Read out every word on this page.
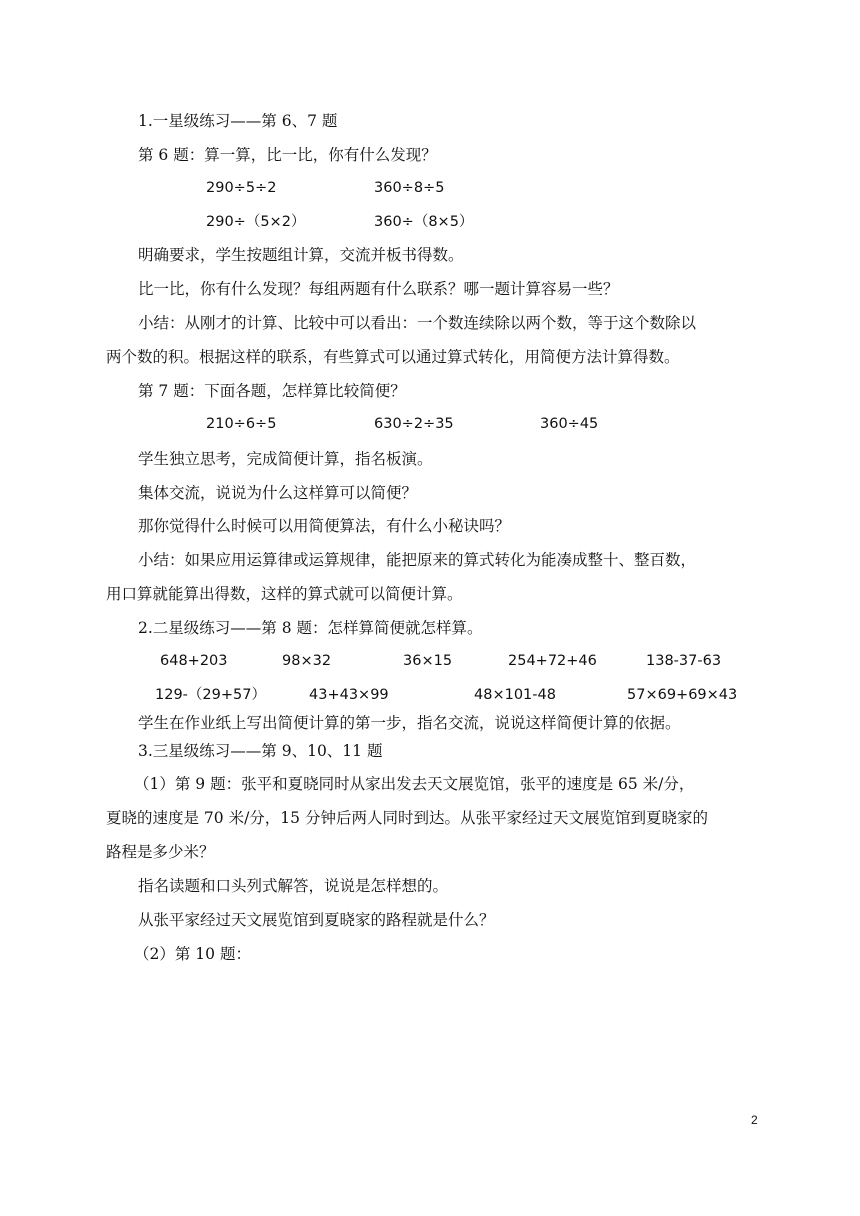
1.一星级练习——第 6、7 题
第 6 题：算一算，比一比，你有什么发现？
290÷5÷2	360÷8÷5
290÷（5×2）	360÷（8×5）
明确要求，学生按题组计算，交流并板书得数。
比一比，你有什么发现？每组两题有什么联系？哪一题计算容易一些？
小结：从刚才的计算、比较中可以看出：一个数连续除以两个数，等于这个数除以
两个数的积。根据这样的联系，有些算式可以通过算式转化，用简便方法计算得数。
第 7 题：下面各题，怎样算比较简便？
210÷6÷5	630÷2÷35	360÷45
学生独立思考，完成简便计算，指名板演。
集体交流，说说为什么这样算可以简便？
那你觉得什么时候可以用简便算法，有什么小秘诀吗？
小结：如果应用运算律或运算规律，能把原来的算式转化为能凑成整十、整百数，
用口算就能算出得数，这样的算式就可以简便计算。
2.二星级练习——第 8 题：怎样算简便就怎样算。
648+203	98×32	36×15	254+72+46	138-37-63
129-（29+57）	43+43×99	48×101-48	57×69+69×43
学生在作业纸上写出简便计算的第一步，指名交流，说说这样简便计算的依据。
3.三星级练习——第 9、10、11 题
（1）第 9 题：张平和夏晓同时从家出发去天文展览馆，张平的速度是 65 米/分，
夏晓的速度是 70 米/分，15 分钟后两人同时到达。从张平家经过天文展览馆到夏晓家的
路程是多少米？
指名读题和口头列式解答，说说是怎样想的。
从张平家经过天文展览馆到夏晓家的路程就是什么？
（2）第 10 题：
2
